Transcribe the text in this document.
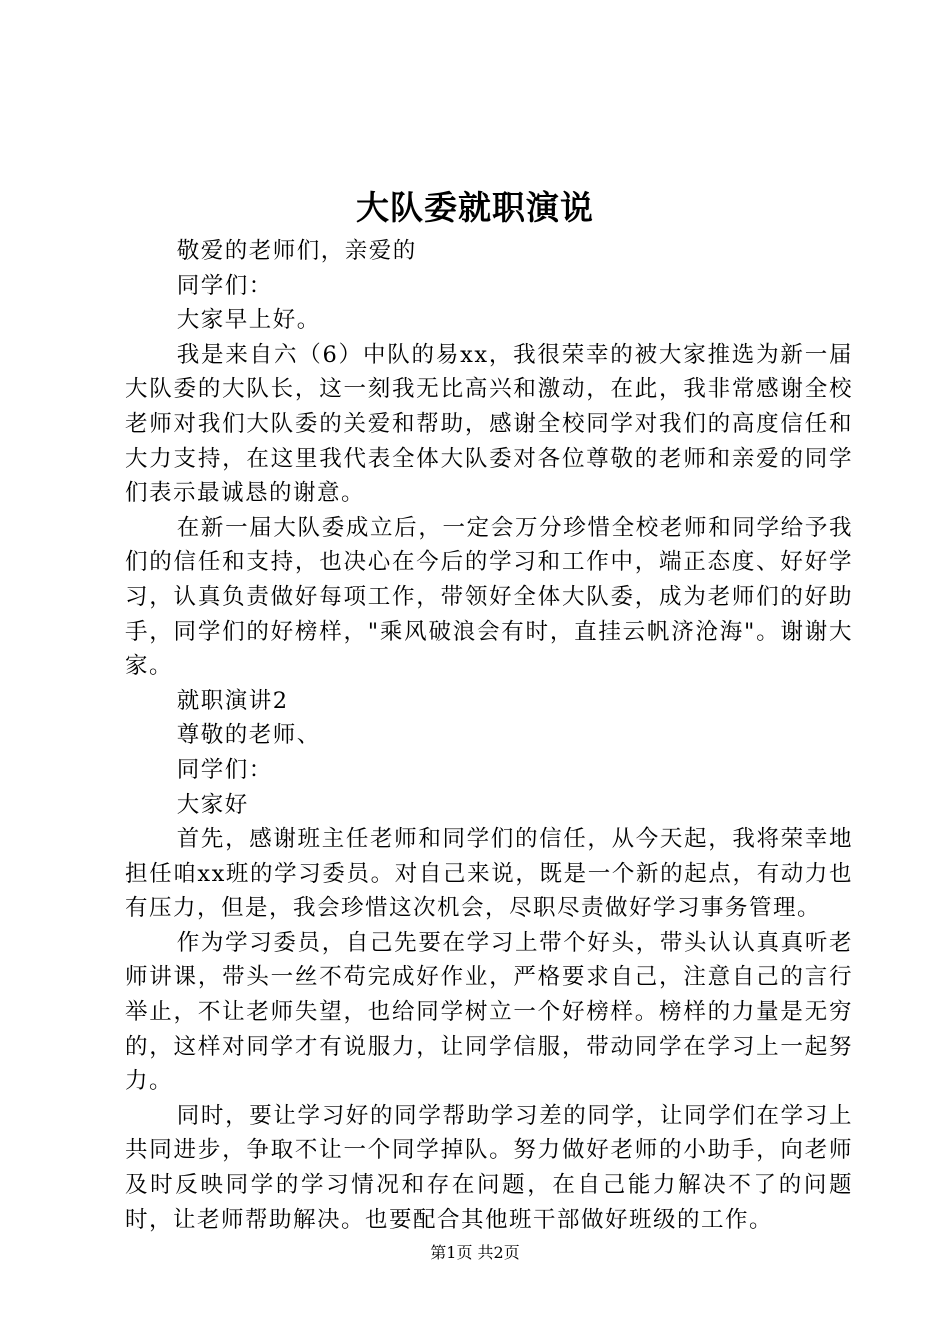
大队委就职演说

敬爱的老师们，亲爱的

同学们：

大家早上好。

我是来自六（6）中队的易xx，我很荣幸的被大家推选为新一届大队委的大队长，这一刻我无比高兴和激动，在此，我非常感谢全校老师对我们大队委的关爱和帮助，感谢全校同学对我们的高度信任和大力支持，在这里我代表全体大队委对各位尊敬的老师和亲爱的同学们表示最诚恳的谢意。

在新一届大队委成立后，一定会万分珍惜全校老师和同学给予我们的信任和支持，也决心在今后的学习和工作中，端正态度、好好学习，认真负责做好每项工作，带领好全体大队委，成为老师们的好助手，同学们的好榜样，"乘风破浪会有时，直挂云帆济沧海"。谢谢大家。

就职演讲2

尊敬的老师、

同学们：

大家好

首先，感谢班主任老师和同学们的信任，从今天起，我将荣幸地担任咱xx班的学习委员。对自己来说，既是一个新的起点，有动力也有压力，但是，我会珍惜这次机会，尽职尽责做好学习事务管理。

作为学习委员，自己先要在学习上带个好头，带头认认真真听老师讲课，带头一丝不苟完成好作业，严格要求自己，注意自己的言行举止，不让老师失望，也给同学树立一个好榜样。榜样的力量是无穷的，这样对同学才有说服力，让同学信服，带动同学在学习上一起努力。

同时，要让学习好的同学帮助学习差的同学，让同学们在学习上共同进步，争取不让一个同学掉队。努力做好老师的小助手，向老师及时反映同学的学习情况和存在问题，在自己能力解决不了的问题时，让老师帮助解决。也要配合其他班干部做好班级的工作。

第1页 共2页
